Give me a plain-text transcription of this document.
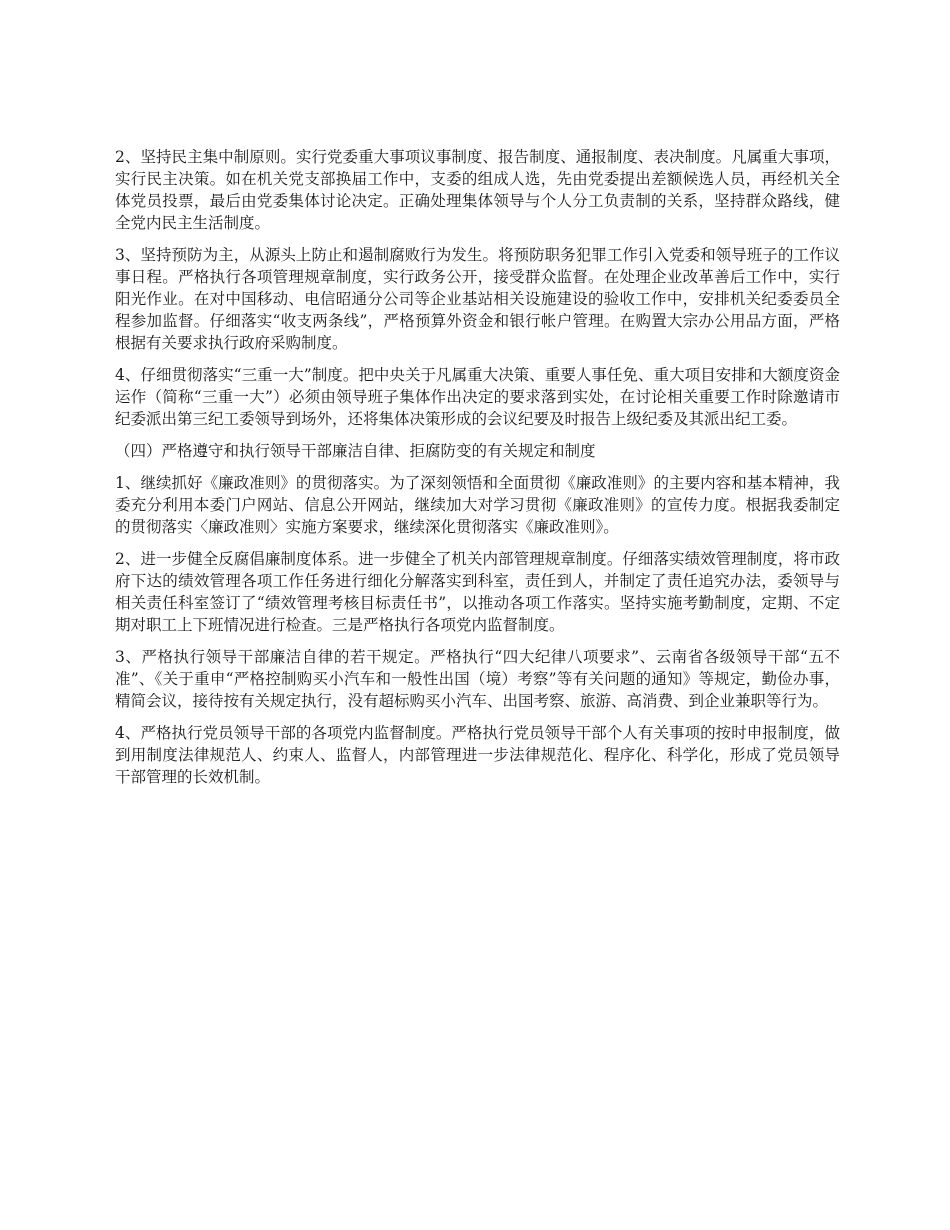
2、坚持民主集中制原则。实行党委重大事项议事制度、报告制度、通报制度、表决制度。凡属重大事项，实行民主决策。如在机关党支部换届工作中，支委的组成人选，先由党委提出差额候选人员，再经机关全体党员投票，最后由党委集体讨论决定。正确处理集体领导与个人分工负责制的关系，坚持群众路线，健全党内民主生活制度。

3、坚持预防为主，从源头上防止和遏制腐败行为发生。将预防职务犯罪工作引入党委和领导班子的工作议事日程。严格执行各项管理规章制度，实行政务公开，接受群众监督。在处理企业改革善后工作中，实行阳光作业。在对中国移动、电信昭通分公司等企业基站相关设施建设的验收工作中，安排机关纪委委员全程参加监督。仔细落实“收支两条线”，严格预算外资金和银行帐户管理。在购置大宗办公用品方面，严格根据有关要求执行政府采购制度。

4、仔细贯彻落实“三重一大”制度。把中央关于凡属重大决策、重要人事任免、重大项目安排和大额度资金运作（简称“三重一大”）必须由领导班子集体作出决定的要求落到实处，在讨论相关重要工作时除邀请市纪委派出第三纪工委领导到场外，还将集体决策形成的会议纪要及时报告上级纪委及其派出纪工委。

（四）严格遵守和执行领导干部廉洁自律、拒腐防变的有关规定和制度

1、继续抓好《廉政准则》的贯彻落实。为了深刻领悟和全面贯彻《廉政准则》的主要内容和基本精神，我委充分利用本委门户网站、信息公开网站，继续加大对学习贯彻《廉政准则》的宣传力度。根据我委制定的贯彻落实〈廉政准则〉实施方案要求，继续深化贯彻落实《廉政准则》。

2、进一步健全反腐倡廉制度体系。进一步健全了机关内部管理规章制度。仔细落实绩效管理制度，将市政府下达的绩效管理各项工作任务进行细化分解落实到科室，责任到人，并制定了责任追究办法，委领导与相关责任科室签订了“绩效管理考核目标责任书”，以推动各项工作落实。坚持实施考勤制度，定期、不定期对职工上下班情况进行检查。三是严格执行各项党内监督制度。

3、严格执行领导干部廉洁自律的若干规定。严格执行“四大纪律八项要求”、云南省各级领导干部“五不准”、《关于重申“严格控制购买小汽车和一般性出国（境）考察”等有关问题的通知》等规定，勤俭办事，精简会议，接待按有关规定执行，没有超标购买小汽车、出国考察、旅游、高消费、到企业兼职等行为。

4、严格执行党员领导干部的各项党内监督制度。严格执行党员领导干部个人有关事项的按时申报制度，做到用制度法律规范人、约束人、监督人，内部管理进一步法律规范化、程序化、科学化，形成了党员领导干部管理的长效机制。
